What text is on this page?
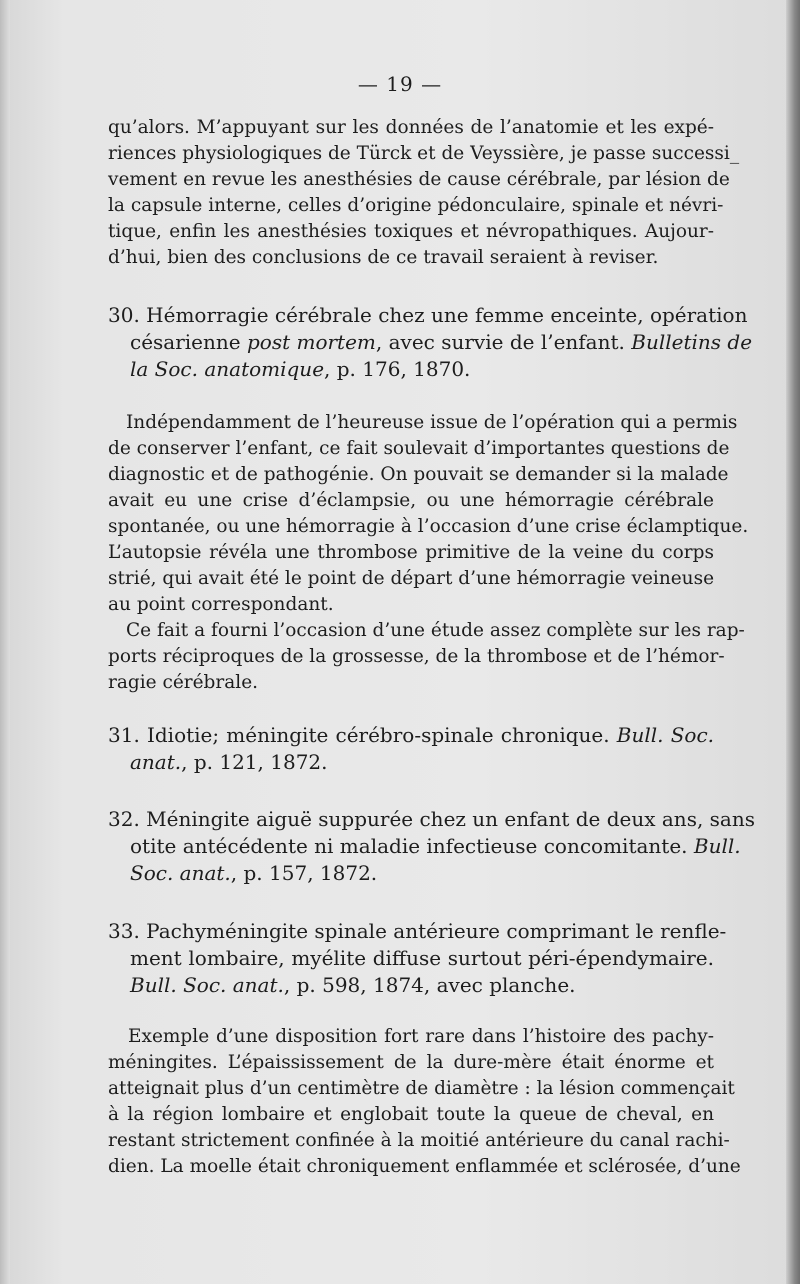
— 19 —
qu’alors. M’appuyant sur les données de l’anatomie et les expé-
riences physiologiques de Türck et de Veyssière, je passe successi_
vement en revue les anesthésies de cause cérébrale, par lésion de
la capsule interne, celles d’origine pédonculaire, spinale et névri-
tique, enfin les anesthésies toxiques et névropathiques. Aujour-
d’hui, bien des conclusions de ce travail seraient à reviser.
30. Hémorragie cérébrale chez une femme enceinte, opération
césarienne post mortem, avec survie de l’enfant. Bulletins de
la Soc. anatomique, p. 176, 1870.
Indépendamment de l’heureuse issue de l’opération qui a permis
de conserver l’enfant, ce fait soulevait d’importantes questions de
diagnostic et de pathogénie. On pouvait se demander si la malade
avait eu une crise d’éclampsie, ou une hémorragie cérébrale
spontanée, ou une hémorragie à l’occasion d’une crise éclamptique.
L’autopsie révéla une thrombose primitive de la veine du corps
strié, qui avait été le point de départ d’une hémorragie veineuse
au point correspondant.
Ce fait a fourni l’occasion d’une étude assez complète sur les rap-
ports réciproques de la grossesse, de la thrombose et de l’hémor-
ragie cérébrale.
31. Idiotie; méningite cérébro-spinale chronique. Bull. Soc.
anat., p. 121, 1872.
32. Méningite aiguë suppurée chez un enfant de deux ans, sans
otite antécédente ni maladie infectieuse concomitante. Bull.
Soc. anat., p. 157, 1872.
33. Pachyméningite spinale antérieure comprimant le renfle-
ment lombaire, myélite diffuse surtout péri-épendymaire.
Bull. Soc. anat., p. 598, 1874, avec planche.
Exemple d’une disposition fort rare dans l’histoire des pachy-
méningites. L’épaississement de la dure-mère était énorme et
atteignait plus d’un centimètre de diamètre : la lésion commençait
à la région lombaire et englobait toute la queue de cheval, en
restant strictement confinée à la moitié antérieure du canal rachi-
dien. La moelle était chroniquement enflammée et sclérosée, d’une
